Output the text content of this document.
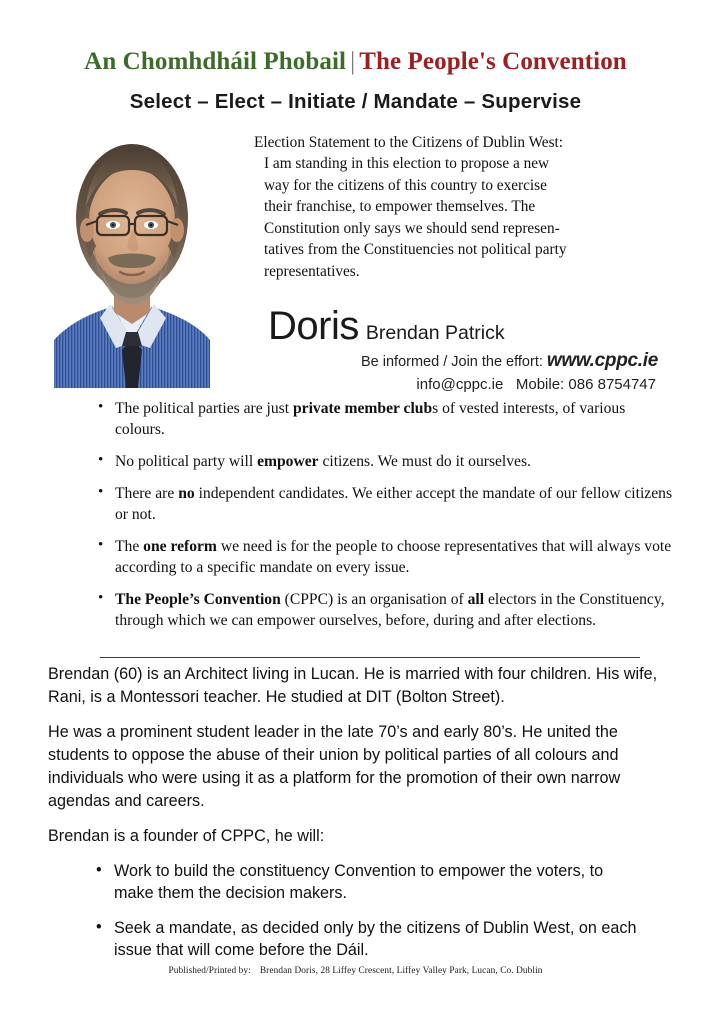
An Chomhdháil Phobail | The People's Convention
Select – Elect – Initiate / Mandate – Supervise
Election Statement to the Citizens of Dublin West:
I am standing in this election to propose a new
way for the citizens of this country to exercise
their franchise, to empower themselves. The
Constitution only says we should send represen-
tatives from the Constituencies not political party
representatives.
Doris Brendan Patrick
Be informed / Join the effort: www.cppc.ie
info@cppc.ie Mobile: 086 8754747
• The political parties are just private member clubs of vested interests, of various colours.
• No political party will empower citizens. We must do it ourselves.
• There are no independent candidates. We either accept the mandate of our fellow citizens or not.
• The one reform we need is for the people to choose representatives that will always vote according to a specific mandate on every issue.
• The People’s Convention (CPPC) is an organisation of all electors in the Constituency, through which we can empower ourselves, before, during and after elections.

Brendan (60) is an Architect living in Lucan. He is married with four children. His wife, Rani, is a Montessori teacher. He studied at DIT (Bolton Street).

He was a prominent student leader in the late 70’s and early 80’s. He united the students to oppose the abuse of their union by political parties of all colours and individuals who were using it as a platform for the promotion of their own narrow agendas and careers.

Brendan is a founder of CPPC, he will:

• Work to build the constituency Convention to empower the voters, to make them the decision makers.
• Seek a mandate, as decided only by the citizens of Dublin West, on each issue that will come before the Dáil.
Published/Printed by: Brendan Doris, 28 Liffey Crescent, Liffey Valley Park, Lucan, Co. Dublin
